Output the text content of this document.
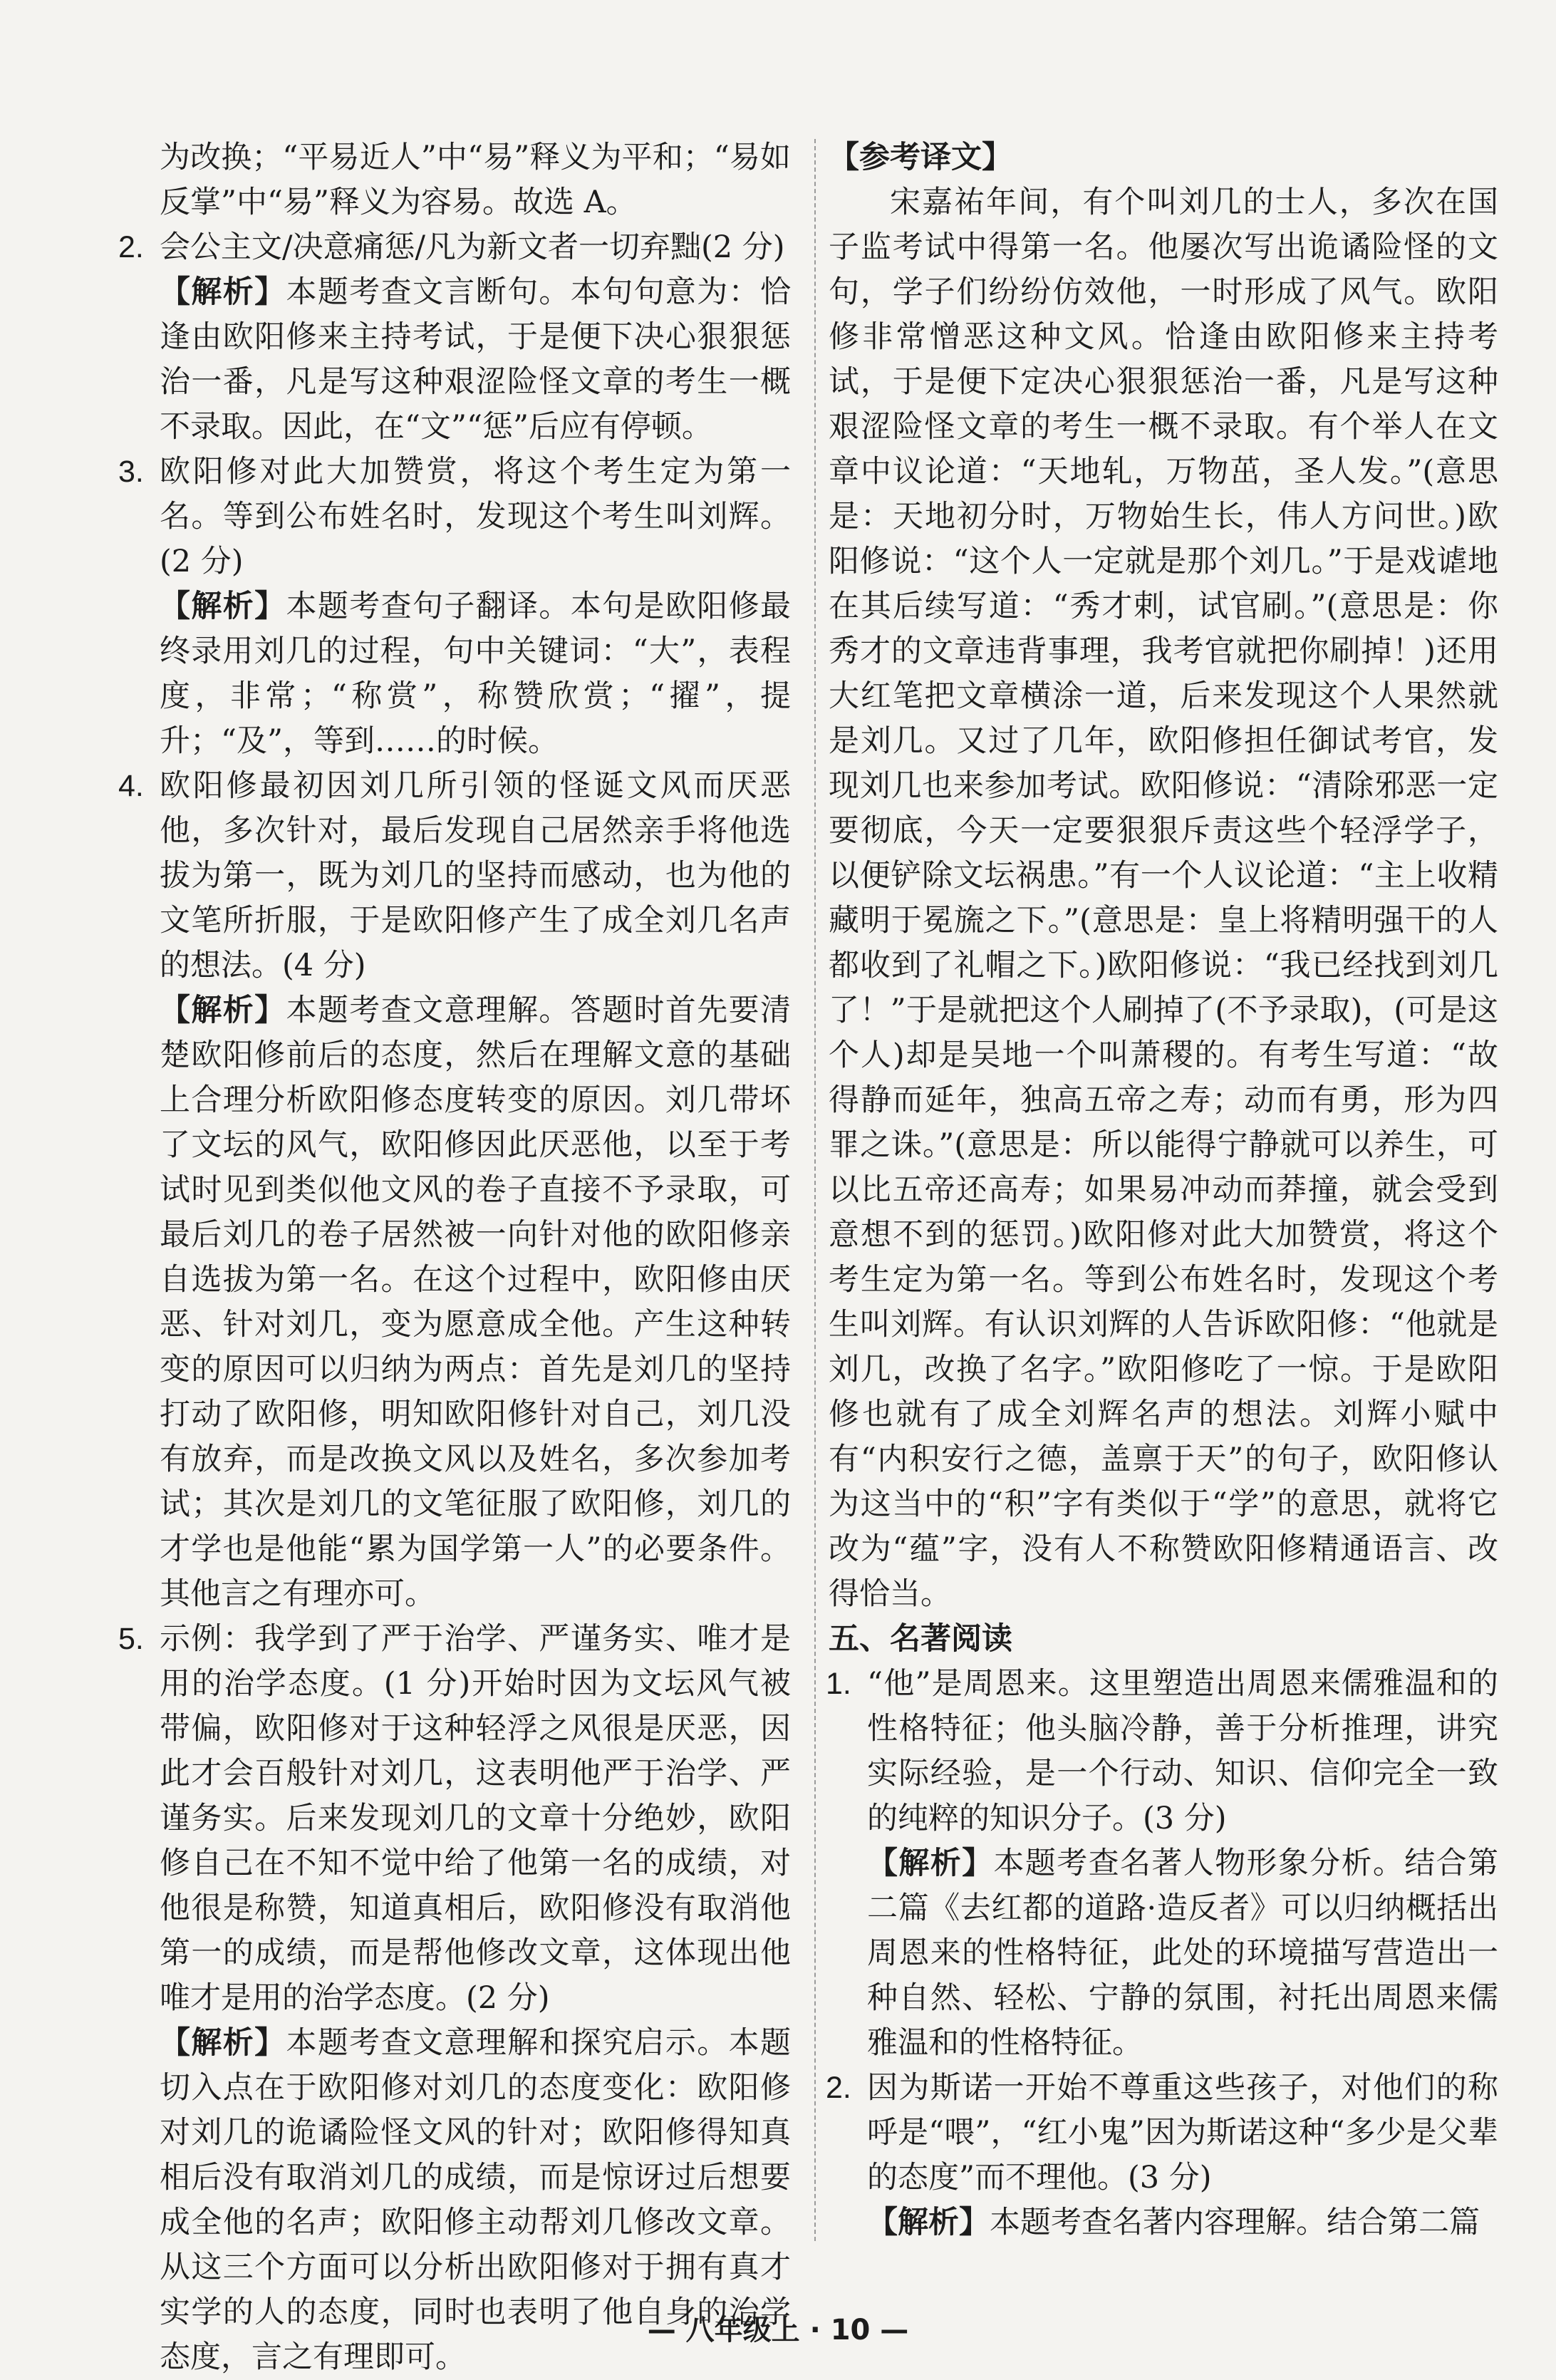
为改换；“平易近人”中“易”释义为平和；“易如反掌”中“易”释义为容易。故选 A。

2. 会公主文/决意痛惩/凡为新文者一切弃黜(2 分)

【解析】本题考查文言断句。本句句意为：恰逢由欧阳修来主持考试，于是便下决心狠狠惩治一番，凡是写这种艰涩险怪文章的考生一概不录取。因此，在“文”“惩”后应有停顿。

3. 欧阳修对此大加赞赏，将这个考生定为第一名。等到公布姓名时，发现这个考生叫刘辉。(2 分)

【解析】本题考查句子翻译。本句是欧阳修最终录用刘几的过程，句中关键词：“大”，表程度，非常；“称赏”，称赞欣赏；“擢”，提升；“及”，等到……的时候。

4. 欧阳修最初因刘几所引领的怪诞文风而厌恶他，多次针对，最后发现自己居然亲手将他选拔为第一，既为刘几的坚持而感动，也为他的文笔所折服，于是欧阳修产生了成全刘几名声的想法。(4 分)

【解析】本题考查文意理解。答题时首先要清楚欧阳修前后的态度，然后在理解文意的基础上合理分析欧阳修态度转变的原因。刘几带坏了文坛的风气，欧阳修因此厌恶他，以至于考试时见到类似他文风的卷子直接不予录取，可最后刘几的卷子居然被一向针对他的欧阳修亲自选拔为第一名。在这个过程中，欧阳修由厌恶、针对刘几，变为愿意成全他。产生这种转变的原因可以归纳为两点：首先是刘几的坚持打动了欧阳修，明知欧阳修针对自己，刘几没有放弃，而是改换文风以及姓名，多次参加考试；其次是刘几的文笔征服了欧阳修，刘几的才学也是他能“累为国学第一人”的必要条件。其他言之有理亦可。

5. 示例：我学到了严于治学、严谨务实、唯才是用的治学态度。(1 分)开始时因为文坛风气被带偏，欧阳修对于这种轻浮之风很是厌恶，因此才会百般针对刘几，这表明他严于治学、严谨务实。后来发现刘几的文章十分绝妙，欧阳修自己在不知不觉中给了他第一名的成绩，对他很是称赞，知道真相后，欧阳修没有取消他第一的成绩，而是帮他修改文章，这体现出他唯才是用的治学态度。(2 分)

【解析】本题考查文意理解和探究启示。本题切入点在于欧阳修对刘几的态度变化：欧阳修对刘几的诡谲险怪文风的针对；欧阳修得知真相后没有取消刘几的成绩，而是惊讶过后想要成全他的名声；欧阳修主动帮刘几修改文章。从这三个方面可以分析出欧阳修对于拥有真才实学的人的态度，同时也表明了他自身的治学态度，言之有理即可。

【参考译文】

宋嘉祐年间，有个叫刘几的士人，多次在国子监考试中得第一名。他屡次写出诡谲险怪的文句，学子们纷纷仿效他，一时形成了风气。欧阳修非常憎恶这种文风。恰逢由欧阳修来主持考试，于是便下定决心狠狠惩治一番，凡是写这种艰涩险怪文章的考生一概不录取。有个举人在文章中议论道：“天地轧，万物茁，圣人发。”(意思是：天地初分时，万物始生长，伟人方问世。)欧阳修说：“这个人一定就是那个刘几。”于是戏谑地在其后续写道：“秀才剌，试官刷。”(意思是：你秀才的文章违背事理，我考官就把你刷掉！)还用大红笔把文章横涂一道，后来发现这个人果然就是刘几。又过了几年，欧阳修担任御试考官，发现刘几也来参加考试。欧阳修说：“清除邪恶一定要彻底，今天一定要狠狠斥责这些个轻浮学子，以便铲除文坛祸患。”有一个人议论道：“主上收精藏明于冕旒之下。”(意思是：皇上将精明强干的人都收到了礼帽之下。)欧阳修说：“我已经找到刘几了！”于是就把这个人刷掉了(不予录取)，(可是这个人)却是吴地一个叫萧稷的。有考生写道：“故得静而延年，独高五帝之寿；动而有勇，形为四罪之诛。”(意思是：所以能得宁静就可以养生，可以比五帝还高寿；如果易冲动而莽撞，就会受到意想不到的惩罚。)欧阳修对此大加赞赏，将这个考生定为第一名。等到公布姓名时，发现这个考生叫刘辉。有认识刘辉的人告诉欧阳修：“他就是刘几，改换了名字。”欧阳修吃了一惊。于是欧阳修也就有了成全刘辉名声的想法。刘辉小赋中有“内积安行之德，盖禀于天”的句子，欧阳修认为这当中的“积”字有类似于“学”的意思，就将它改为“蕴”字，没有人不称赞欧阳修精通语言、改得恰当。

五、名著阅读

1. “他”是周恩来。这里塑造出周恩来儒雅温和的性格特征；他头脑冷静，善于分析推理，讲究实际经验，是一个行动、知识、信仰完全一致的纯粹的知识分子。(3 分)

【解析】本题考查名著人物形象分析。结合第二篇《去红都的道路·造反者》可以归纳概括出周恩来的性格特征，此处的环境描写营造出一种自然、轻松、宁静的氛围，衬托出周恩来儒雅温和的性格特征。

2. 因为斯诺一开始不尊重这些孩子，对他们的称呼是“喂”，“红小鬼”因为斯诺这种“多少是父辈的态度”而不理他。(3 分)

【解析】本题考查名著内容理解。结合第二篇

— 八年级上 · 10 —
